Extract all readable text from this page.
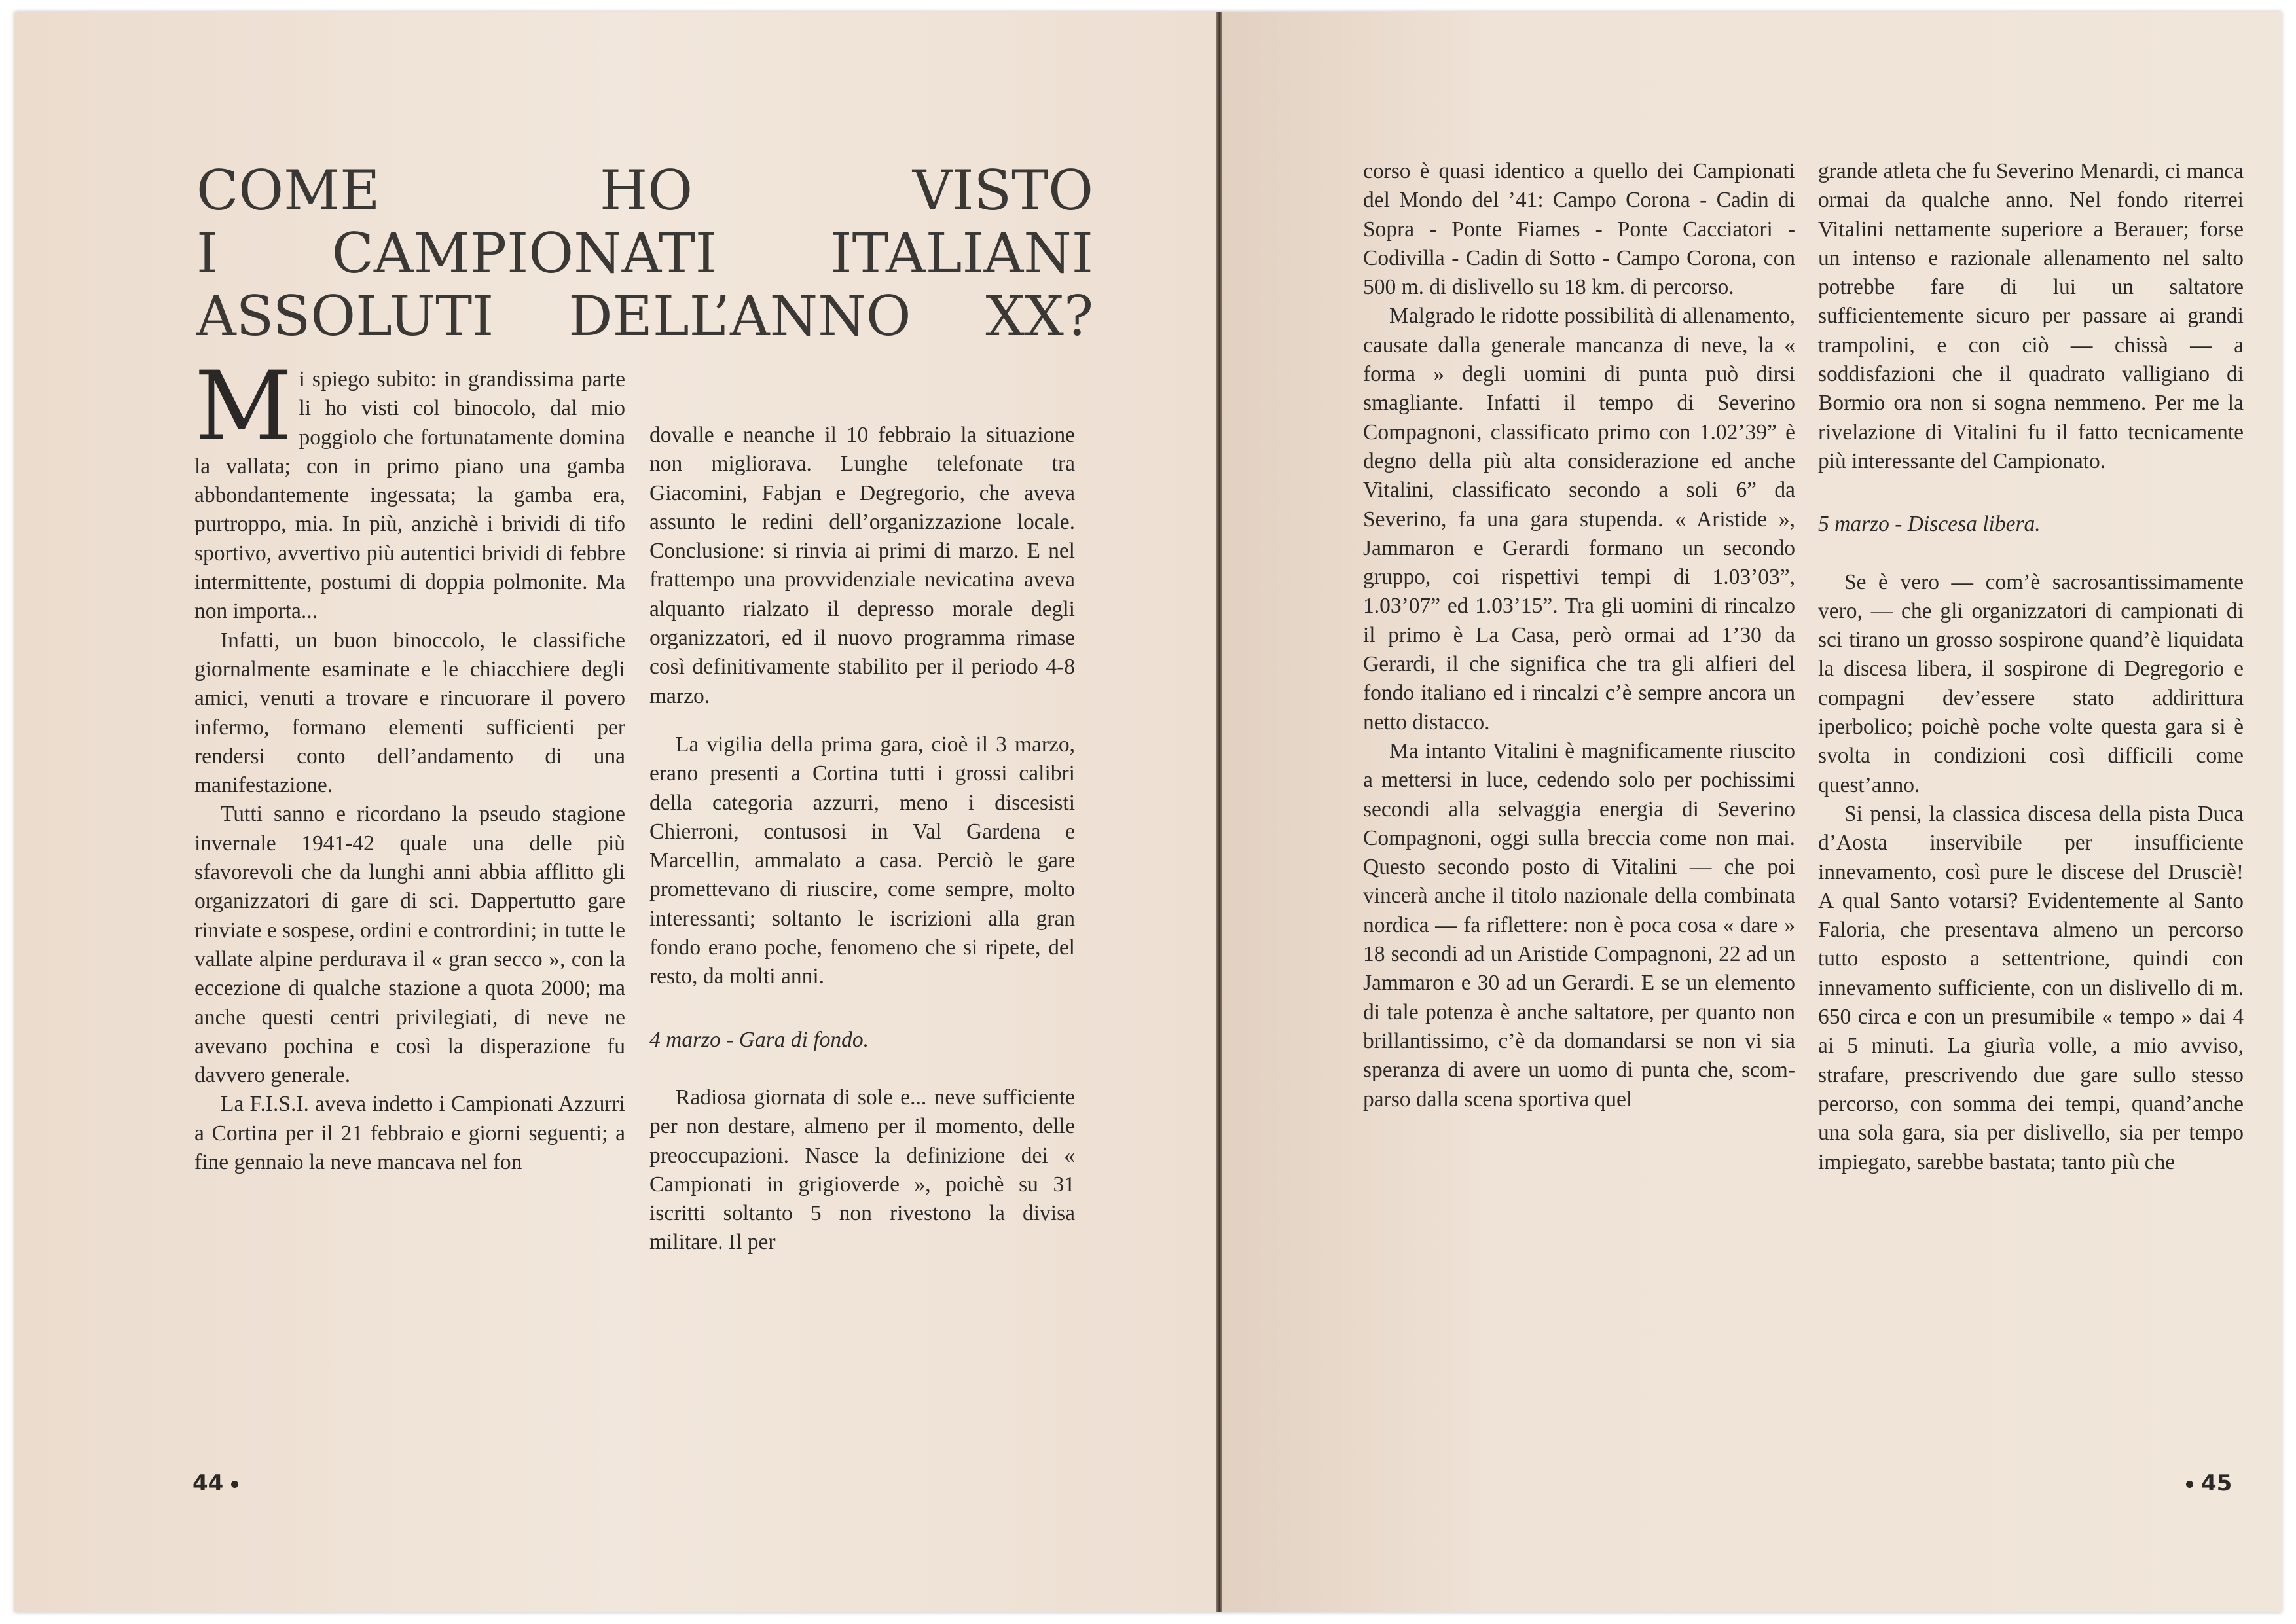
COME HO VISTO
I CAMPIONATI ITALIANI
ASSOLUTI DELL’ANNO XX?

Mi spiego subito: in grandissima parte li ho visti col binocolo, dal mio poggiolo che fortunatamente domina la vallata; con in primo piano una gamba abbondantemente ingessata; la gamba era, purtroppo, mia. In più, anzichè i brividi di tifo sportivo, avvertivo più autentici brividi di febbre intermittente, postumi di doppia polmonite. Ma non importa...

Infatti, un buon binoccolo, le classifiche giornalmente esaminate e le chiacchiere degli amici, venuti a trovare e rincuorare il povero infermo, formano elementi sufficienti per rendersi conto dell’andamento di una manifestazione.

Tutti sanno e ricordano la pseudo stagione invernale 1941-42 quale una delle più sfavorevoli che da lunghi anni abbia afflitto gli organizzatori di gare di sci. Dappertutto gare rinviate e sospese, ordini e contrordini; in tutte le vallate alpine perdurava il « gran secco », con la eccezione di qualche stazione a quota 2000; ma anche questi centri privilegiati, di neve ne avevano pochina e così la disperazione fu davvero generale.

La F.I.S.I. aveva indetto i Campionati Azzurri a Cortina per il 21 febbraio e giorni seguenti; a fine gennaio la neve mancava nel fon

dovalle e neanche il 10 febbraio la situazione non migliorava. Lunghe telefonate tra Giacomini, Fabjan e Degregorio, che aveva assunto le redini dell’organizzazione locale. Conclusione: si rinvia ai primi di marzo. E nel frattempo una provvidenziale nevicatina aveva alquanto rialzato il depresso morale degli organizzatori, ed il nuovo programma rimase così definitivamente stabilito per il periodo 4-8 marzo.

La vigilia della prima gara, cioè il 3 marzo, erano presenti a Cortina tutti i grossi calibri della categoria azzurri, meno i discesisti Chierroni, contusosi in Val Gardena e Marcellin, ammalato a casa. Perciò le gare promettevano di riuscire, come sempre, molto interessanti; soltanto le iscrizioni alla gran fondo erano poche, fenomeno che si ripete, del resto, da molti anni.

4 marzo - Gara di fondo.

Radiosa giornata di sole e... neve sufficiente per non destare, almeno per il momento, delle preoccupazioni. Nasce la definizione dei « Campionati in grigioverde », poichè su 31 iscritti soltanto 5 non rivestono la divisa militare. Il per

44

corso è quasi identico a quello dei Campionati del Mondo del ’41: Campo Corona - Cadin di Sopra - Ponte Fiames - Ponte Cacciatori - Codivilla - Cadin di Sotto - Campo Corona, con 500 m. di dislivello su 18 km. di percorso.

Malgrado le ridotte possibilità di allenamento, causate dalla generale mancanza di neve, la « forma » degli uomini di punta può dirsi smagliante. Infatti il tempo di Severino Compagnoni, classificato primo con 1.02’39” è degno della più alta considerazione ed anche Vitalini, classificato secondo a soli 6” da Severino, fa una gara stupenda. « Aristide », Jammaron e Gerardi formano un secondo gruppo, coi rispettivi tempi di 1.03’03”, 1.03’07” ed 1.03’15”. Tra gli uomini di rincalzo il primo è La Casa, però ormai ad 1’30 da Gerardi, il che significa che tra gli alfieri del fondo italiano ed i rincalzi c’è sempre ancora un netto distacco.

Ma intanto Vitalini è magnificamente riuscito a mettersi in luce, cedendo solo per pochissimi secondi alla selvaggia energia di Severino Compagnoni, oggi sulla breccia come non mai. Questo secondo posto di Vitalini — che poi vincerà anche il titolo nazionale della combinata nordica — fa riflettere: non è poca cosa « dare » 18 secondi ad un Aristide Compagnoni, 22 ad un Jammaron e 30 ad un Gerardi. E se un elemento di tale potenza è anche saltatore, per quanto non brillantissimo, c’è da domandarsi se non vi sia speranza di avere un uomo di punta che, scomparso dalla scena sportiva quel

grande atleta che fu Severino Menardi, ci manca ormai da qualche anno. Nel fondo riterrei Vitalini nettamente superiore a Berauer; forse un intenso e razionale allenamento nel salto potrebbe fare di lui un saltatore sufficientemente sicuro per passare ai grandi trampolini, e con ciò — chissà — a soddisfazioni che il quadrato valligiano di Bormio ora non si sogna nemmeno. Per me la rivelazione di Vitalini fu il fatto tecnicamente più interessante del Campionato.

5 marzo - Discesa libera.

Se è vero — com’è sacrosantissimamente vero, — che gli organizzatori di campionati di sci tirano un grosso sospirone quand’è liquidata la discesa libera, il sospirone di Degregorio e compagni dev’essere stato addirittura iperbolico; poichè poche volte questa gara si è svolta in condizioni così difficili come quest’anno.

Si pensi, la classica discesa della pista Duca d’Aosta inservibile per insufficiente innevamento, così pure le discese del Drusciè! A qual Santo votarsi? Evidentemente al Santo Faloria, che presentava almeno un percorso tutto esposto a settentrione, quindi con innevamento sufficiente, con un dislivello di m. 650 circa e con un presumibile « tempo » dai 4 ai 5 minuti. La giurìa volle, a mio avviso, strafare, prescrivendo due gare sullo stesso percorso, con somma dei tempi, quand’anche una sola gara, sia per dislivello, sia per tempo impiegato, sarebbe bastata; tanto più che

45
